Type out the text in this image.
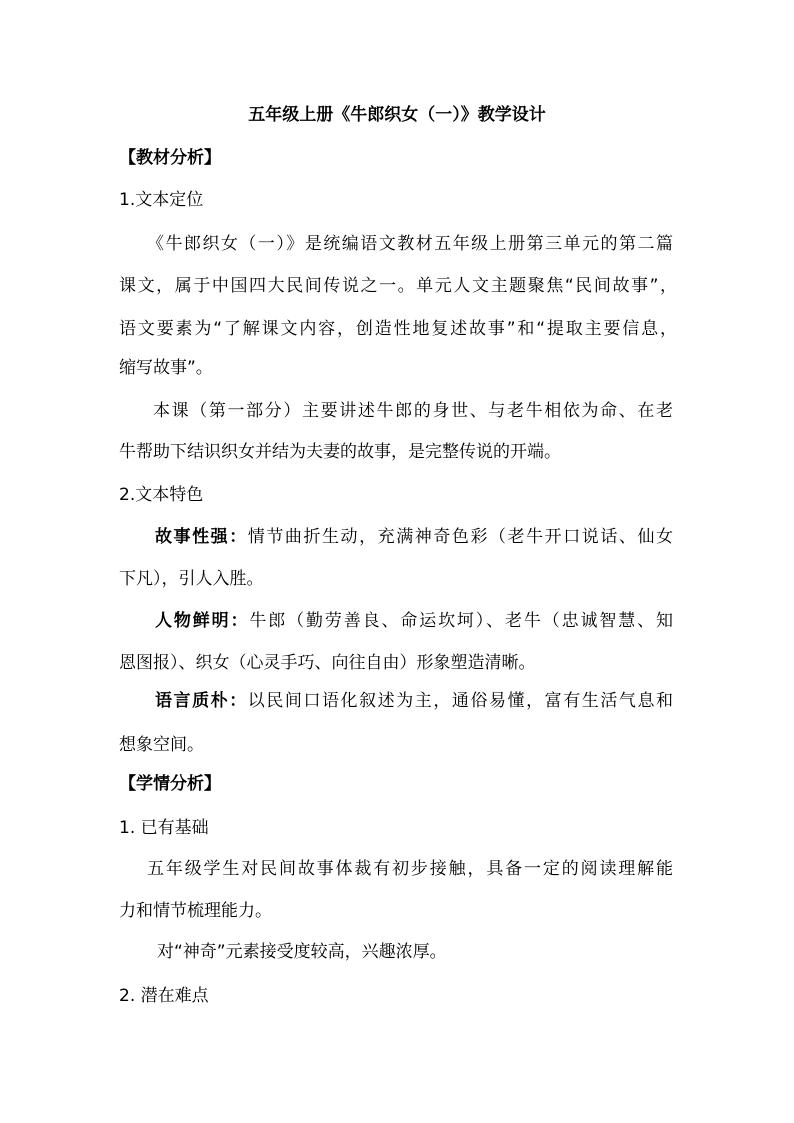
五年级上册《牛郎织女（一）》教学设计
【教材分析】
1.文本定位
《牛郎织女（一）》是统编语文教材五年级上册第三单元的第二篇
课文，属于中国四大民间传说之一。单元人文主题聚焦“民间故事”，
语文要素为“了解课文内容，创造性地复述故事”和“提取主要信息，
缩写故事”。
本课（第一部分）主要讲述牛郎的身世、与老牛相依为命、在老
牛帮助下结识织女并结为夫妻的故事，是完整传说的开端。
2.文本特色
故事性强：情节曲折生动，充满神奇色彩（老牛开口说话、仙女
下凡），引人入胜。
人物鲜明：牛郎（勤劳善良、命运坎坷）、老牛（忠诚智慧、知
恩图报）、织女（心灵手巧、向往自由）形象塑造清晰。
语言质朴：以民间口语化叙述为主，通俗易懂，富有生活气息和
想象空间。
【学情分析】
1. 已有基础
五年级学生对民间故事体裁有初步接触，具备一定的阅读理解能
力和情节梳理能力。
对“神奇”元素接受度较高，兴趣浓厚。
2. 潜在难点
